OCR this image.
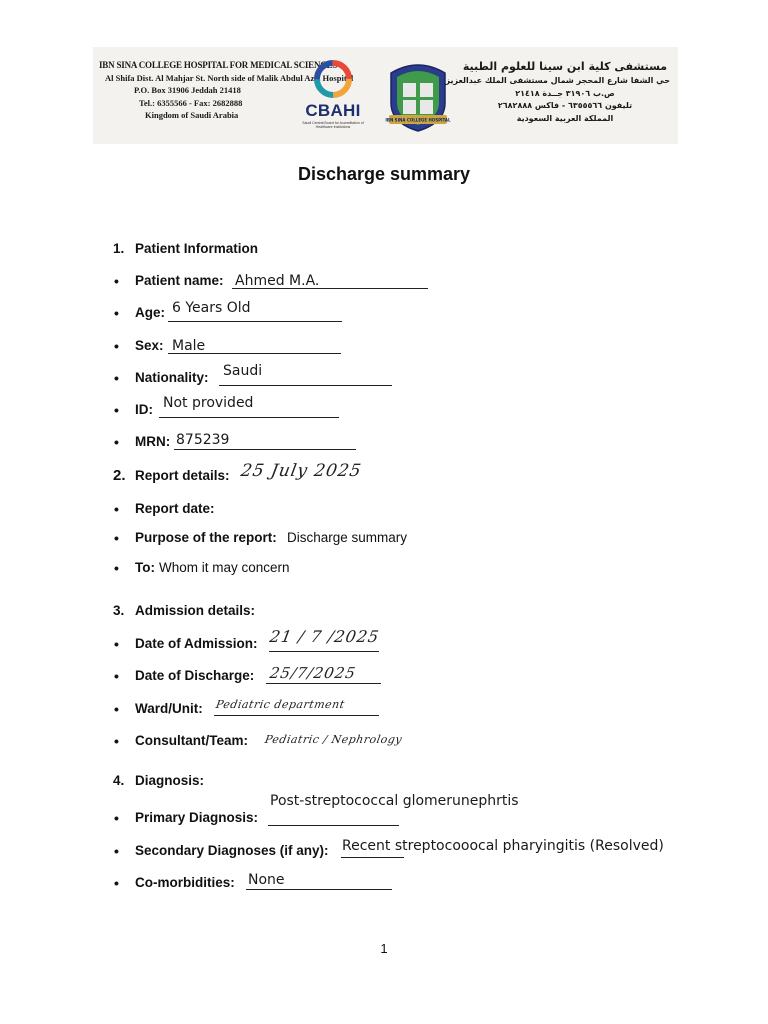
IBN SINA COLLEGE HOSPITAL FOR MEDICAL SCIENCES
Al Shifa Dist. Al Mahjar St. North side of Malik Abdul Aziz Hospital
P.O. Box 31906 Jeddah 21418
Tel.: 6355566 - Fax: 2682888
Kingdom of Saudi Arabia	CBAHI
Saudi Central Board for Accreditation of Healthcare Institutions
IBN SINA COLLEGE HOSPITAL
مستشفى كلية ابن سينا للعلوم الطبية
حي الشفا شارع المحجر شمال مستشفى الملك عبدالعزيز
ص.ب ٣١٩٠٦ جــدة ٢١٤١٨
تليفون ٦٣٥٥٥٦٦ - فاكس ٢٦٨٢٨٨٨
المملكة العربية السعودية
Discharge summary
1. Patient Information
• Patient name: Ahmed M.A.
• Age: 6 Years Old
• Sex: Male
• Nationality: Saudi
• ID: Not provided
• MRN: 875239
2. Report details: 25 July 2025
• Report date:
• Purpose of the report: Discharge summary
• To: Whom it may concern
3. Admission details:
• Date of Admission: 21 / 7 /2025
• Date of Discharge: 25/7/2025
• Ward/Unit: Pediatric department
• Consultant/Team: Pediatric / Nephrology
4. Diagnosis:
Post-streptococcal glomerunephrtis
• Primary Diagnosis:
• Secondary Diagnoses (if any): Recent streptocooocal pharyingitis (Resolved)
• Co-morbidities: None
1
